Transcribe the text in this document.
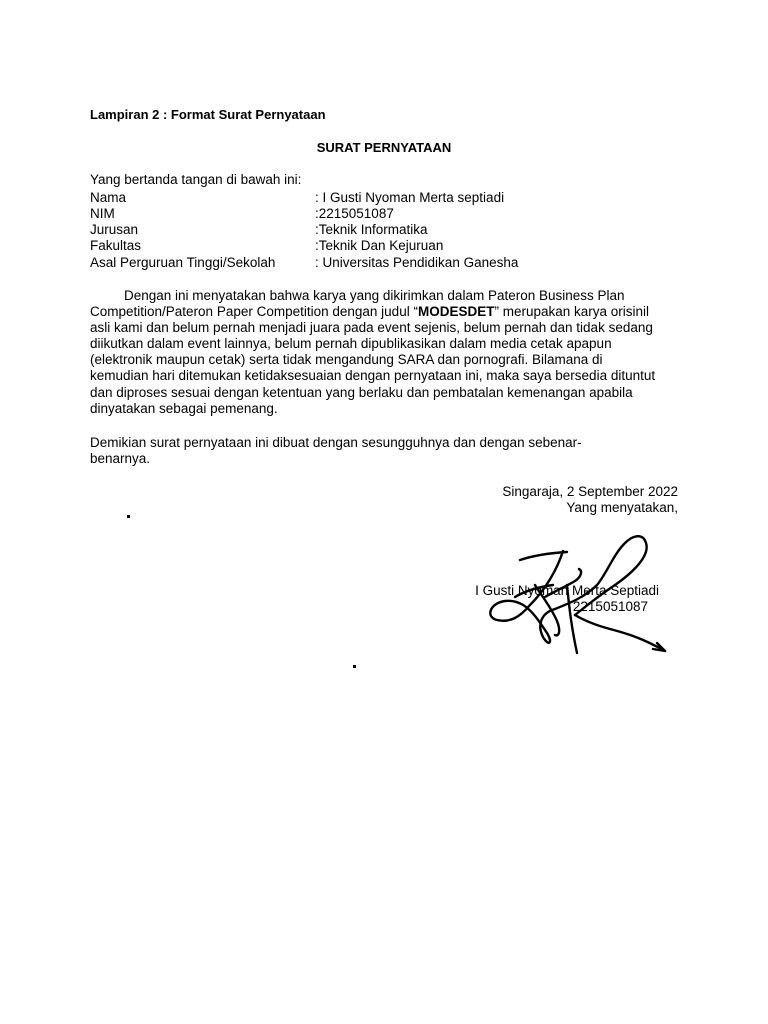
Lampiran 2 : Format Surat Pernyataan
SURAT PERNYATAAN
Yang bertanda tangan di bawah ini:
Nama	: I Gusti Nyoman Merta septiadi
NIM	:2215051087
Jurusan	:Teknik Informatika
Fakultas	:Teknik Dan Kejuruan
Asal Perguruan Tinggi/Sekolah	: Universitas Pendidikan Ganesha
Dengan ini menyatakan bahwa karya yang dikirimkan dalam Pateron Business Plan
Competition/Pateron Paper Competition dengan judul “MODESDET” merupakan karya orisinil
asli kami dan belum pernah menjadi juara pada event sejenis, belum pernah dan tidak sedang
diikutkan dalam event lainnya, belum pernah dipublikasikan dalam media cetak apapun
(elektronik maupun cetak) serta tidak mengandung SARA dan pornografi. Bilamana di
kemudian hari ditemukan ketidaksesuaian dengan pernyataan ini, maka saya bersedia dituntut
dan diproses sesuai dengan ketentuan yang berlaku dan pembatalan kemenangan apabila
dinyatakan sebagai pemenang.
Demikian surat pernyataan ini dibuat dengan sesungguhnya dan dengan sebenar-
benarnya.
Singaraja, 2 September 2022
Yang menyatakan,
I Gusti Nyoman Merta Septiadi
2215051087
